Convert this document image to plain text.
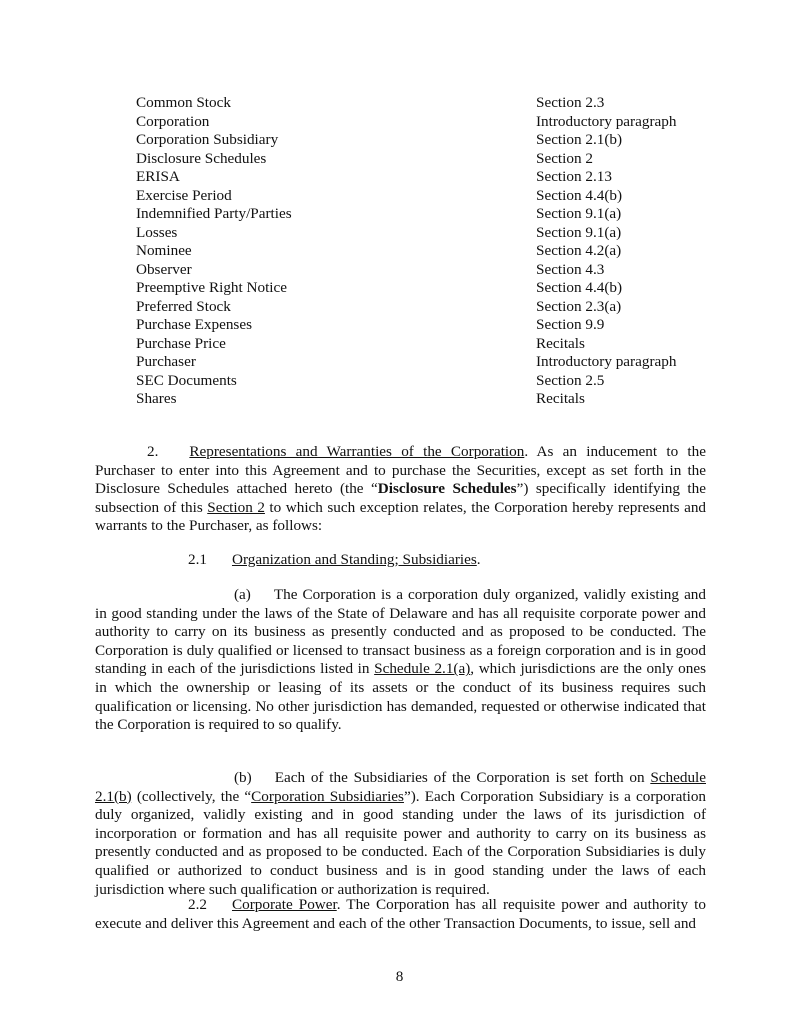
Common Stock	Section 2.3
Corporation	Introductory paragraph
Corporation Subsidiary	Section 2.1(b)
Disclosure Schedules	Section 2
ERISA	Section 2.13
Exercise Period	Section 4.4(b)
Indemnified Party/Parties	Section 9.1(a)
Losses	Section 9.1(a)
Nominee	Section 4.2(a)
Observer	Section 4.3
Preemptive Right Notice	Section 4.4(b)
Preferred Stock	Section 2.3(a)
Purchase Expenses	Section 9.9
Purchase Price	Recitals
Purchaser	Introductory paragraph
SEC Documents	Section 2.5
Shares	Recitals

2. Representations and Warranties of the Corporation. As an inducement to the Purchaser to enter into this Agreement and to purchase the Securities, except as set forth in the Disclosure Schedules attached hereto (the “Disclosure Schedules”) specifically identifying the subsection of this Section 2 to which such exception relates, the Corporation hereby represents and warrants to the Purchaser, as follows:

2.1 Organization and Standing; Subsidiaries.

(a) The Corporation is a corporation duly organized, validly existing and in good standing under the laws of the State of Delaware and has all requisite corporate power and authority to carry on its business as presently conducted and as proposed to be conducted. The Corporation is duly qualified or licensed to transact business as a foreign corporation and is in good standing in each of the jurisdictions listed in Schedule 2.1(a), which jurisdictions are the only ones in which the ownership or leasing of its assets or the conduct of its business requires such qualification or licensing. No other jurisdiction has demanded, requested or otherwise indicated that the Corporation is required to so qualify.

(b) Each of the Subsidiaries of the Corporation is set forth on Schedule 2.1(b) (collectively, the “Corporation Subsidiaries”). Each Corporation Subsidiary is a corporation duly organized, validly existing and in good standing under the laws of its jurisdiction of incorporation or formation and has all requisite power and authority to carry on its business as presently conducted and as proposed to be conducted. Each of the Corporation Subsidiaries is duly qualified or authorized to conduct business and is in good standing under the laws of each jurisdiction where such qualification or authorization is required.

2.2 Corporate Power. The Corporation has all requisite power and authority to execute and deliver this Agreement and each of the other Transaction Documents, to issue, sell and

8
